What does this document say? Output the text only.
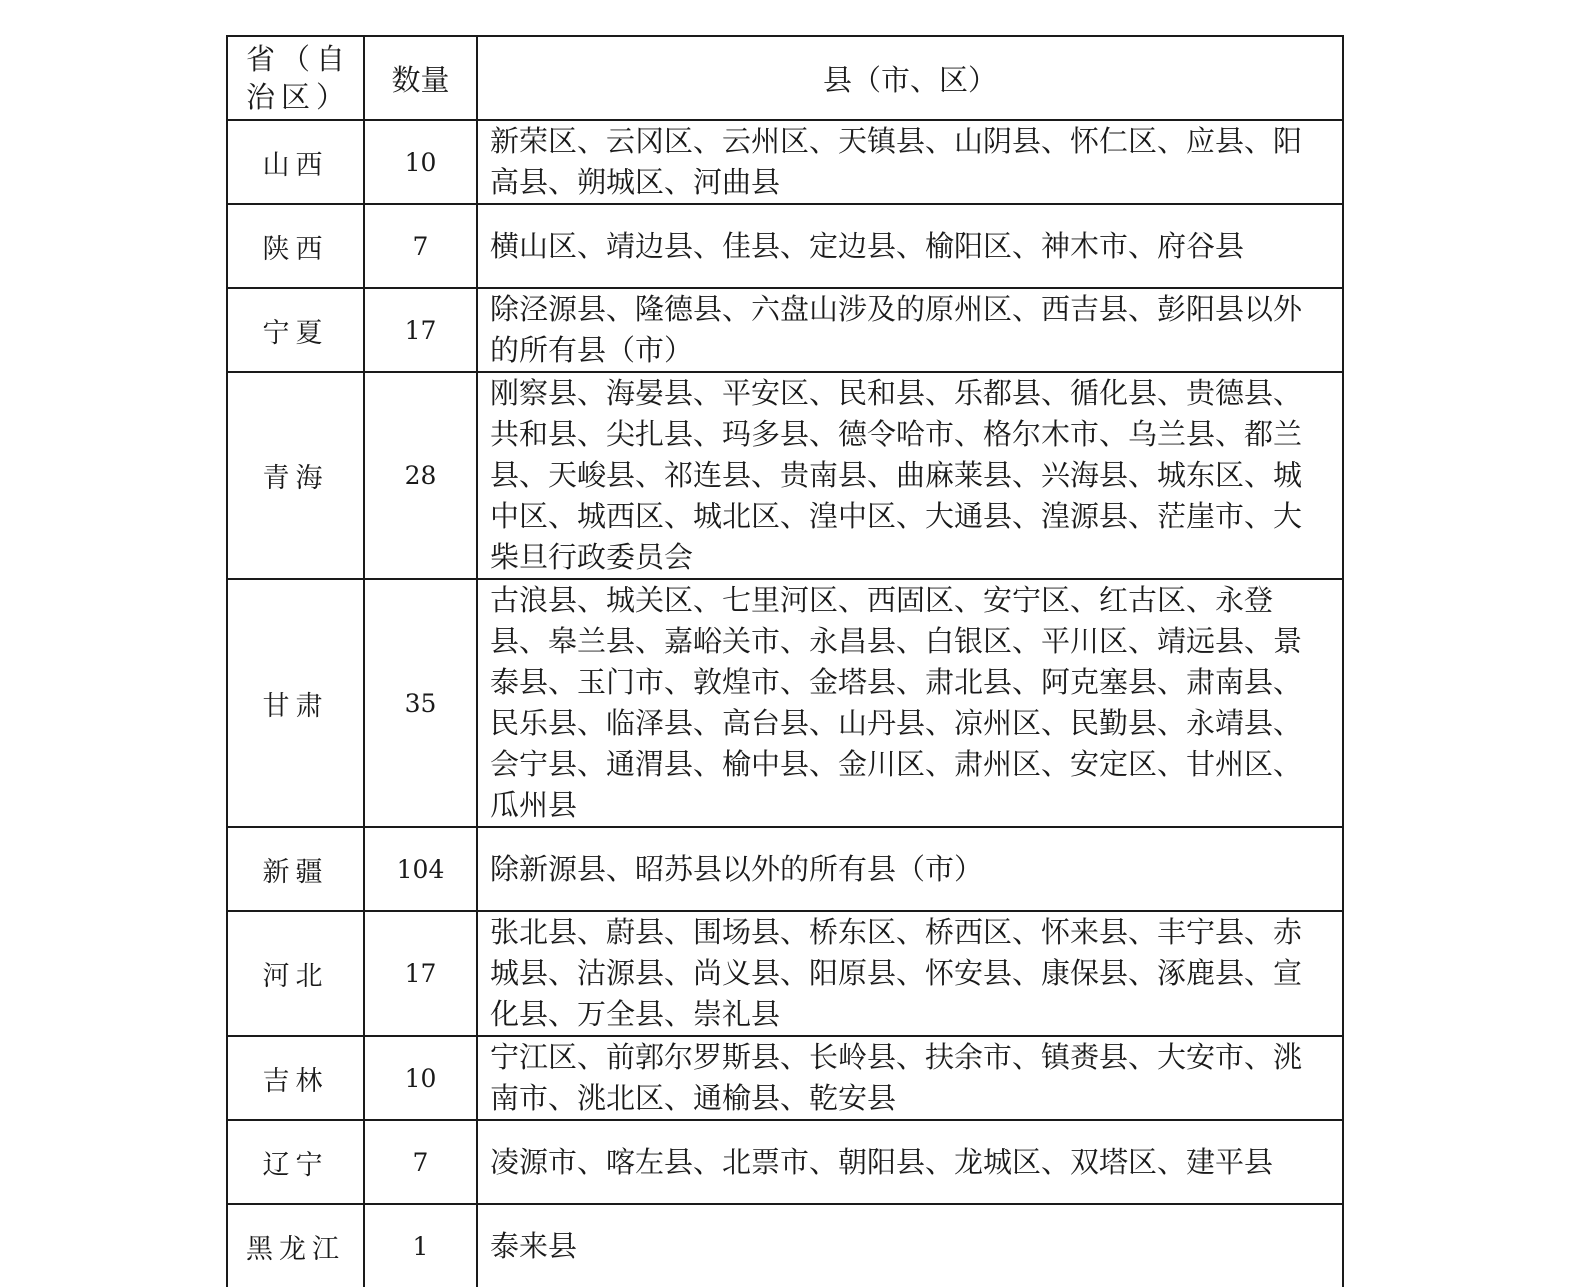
省（自治区）	数量	县（市、区）
山西	10	新荣区、云冈区、云州区、天镇县、山阴县、怀仁区、应县、阳高县、朔城区、河曲县
陕西	7	横山区、靖边县、佳县、定边县、榆阳区、神木市、府谷县
宁夏	17	除泾源县、隆德县、六盘山涉及的原州区、西吉县、彭阳县以外的所有县（市）
青海	28	刚察县、海晏县、平安区、民和县、乐都县、循化县、贵德县、共和县、尖扎县、玛多县、德令哈市、格尔木市、乌兰县、都兰县、天峻县、祁连县、贵南县、曲麻莱县、兴海县、城东区、城中区、城西区、城北区、湟中区、大通县、湟源县、茫崖市、大柴旦行政委员会
甘肃	35	古浪县、城关区、七里河区、西固区、安宁区、红古区、永登县、皋兰县、嘉峪关市、永昌县、白银区、平川区、靖远县、景泰县、玉门市、敦煌市、金塔县、肃北县、阿克塞县、肃南县、民乐县、临泽县、高台县、山丹县、凉州区、民勤县、永靖县、会宁县、通渭县、榆中县、金川区、肃州区、安定区、甘州区、瓜州县
新疆	104	除新源县、昭苏县以外的所有县（市）
河北	17	张北县、蔚县、围场县、桥东区、桥西区、怀来县、丰宁县、赤城县、沽源县、尚义县、阳原县、怀安县、康保县、涿鹿县、宣化县、万全县、崇礼县
吉林	10	宁江区、前郭尔罗斯县、长岭县、扶余市、镇赉县、大安市、洮南市、洮北区、通榆县、乾安县
辽宁	7	凌源市、喀左县、北票市、朝阳县、龙城区、双塔区、建平县
黑龙江	1	泰来县
